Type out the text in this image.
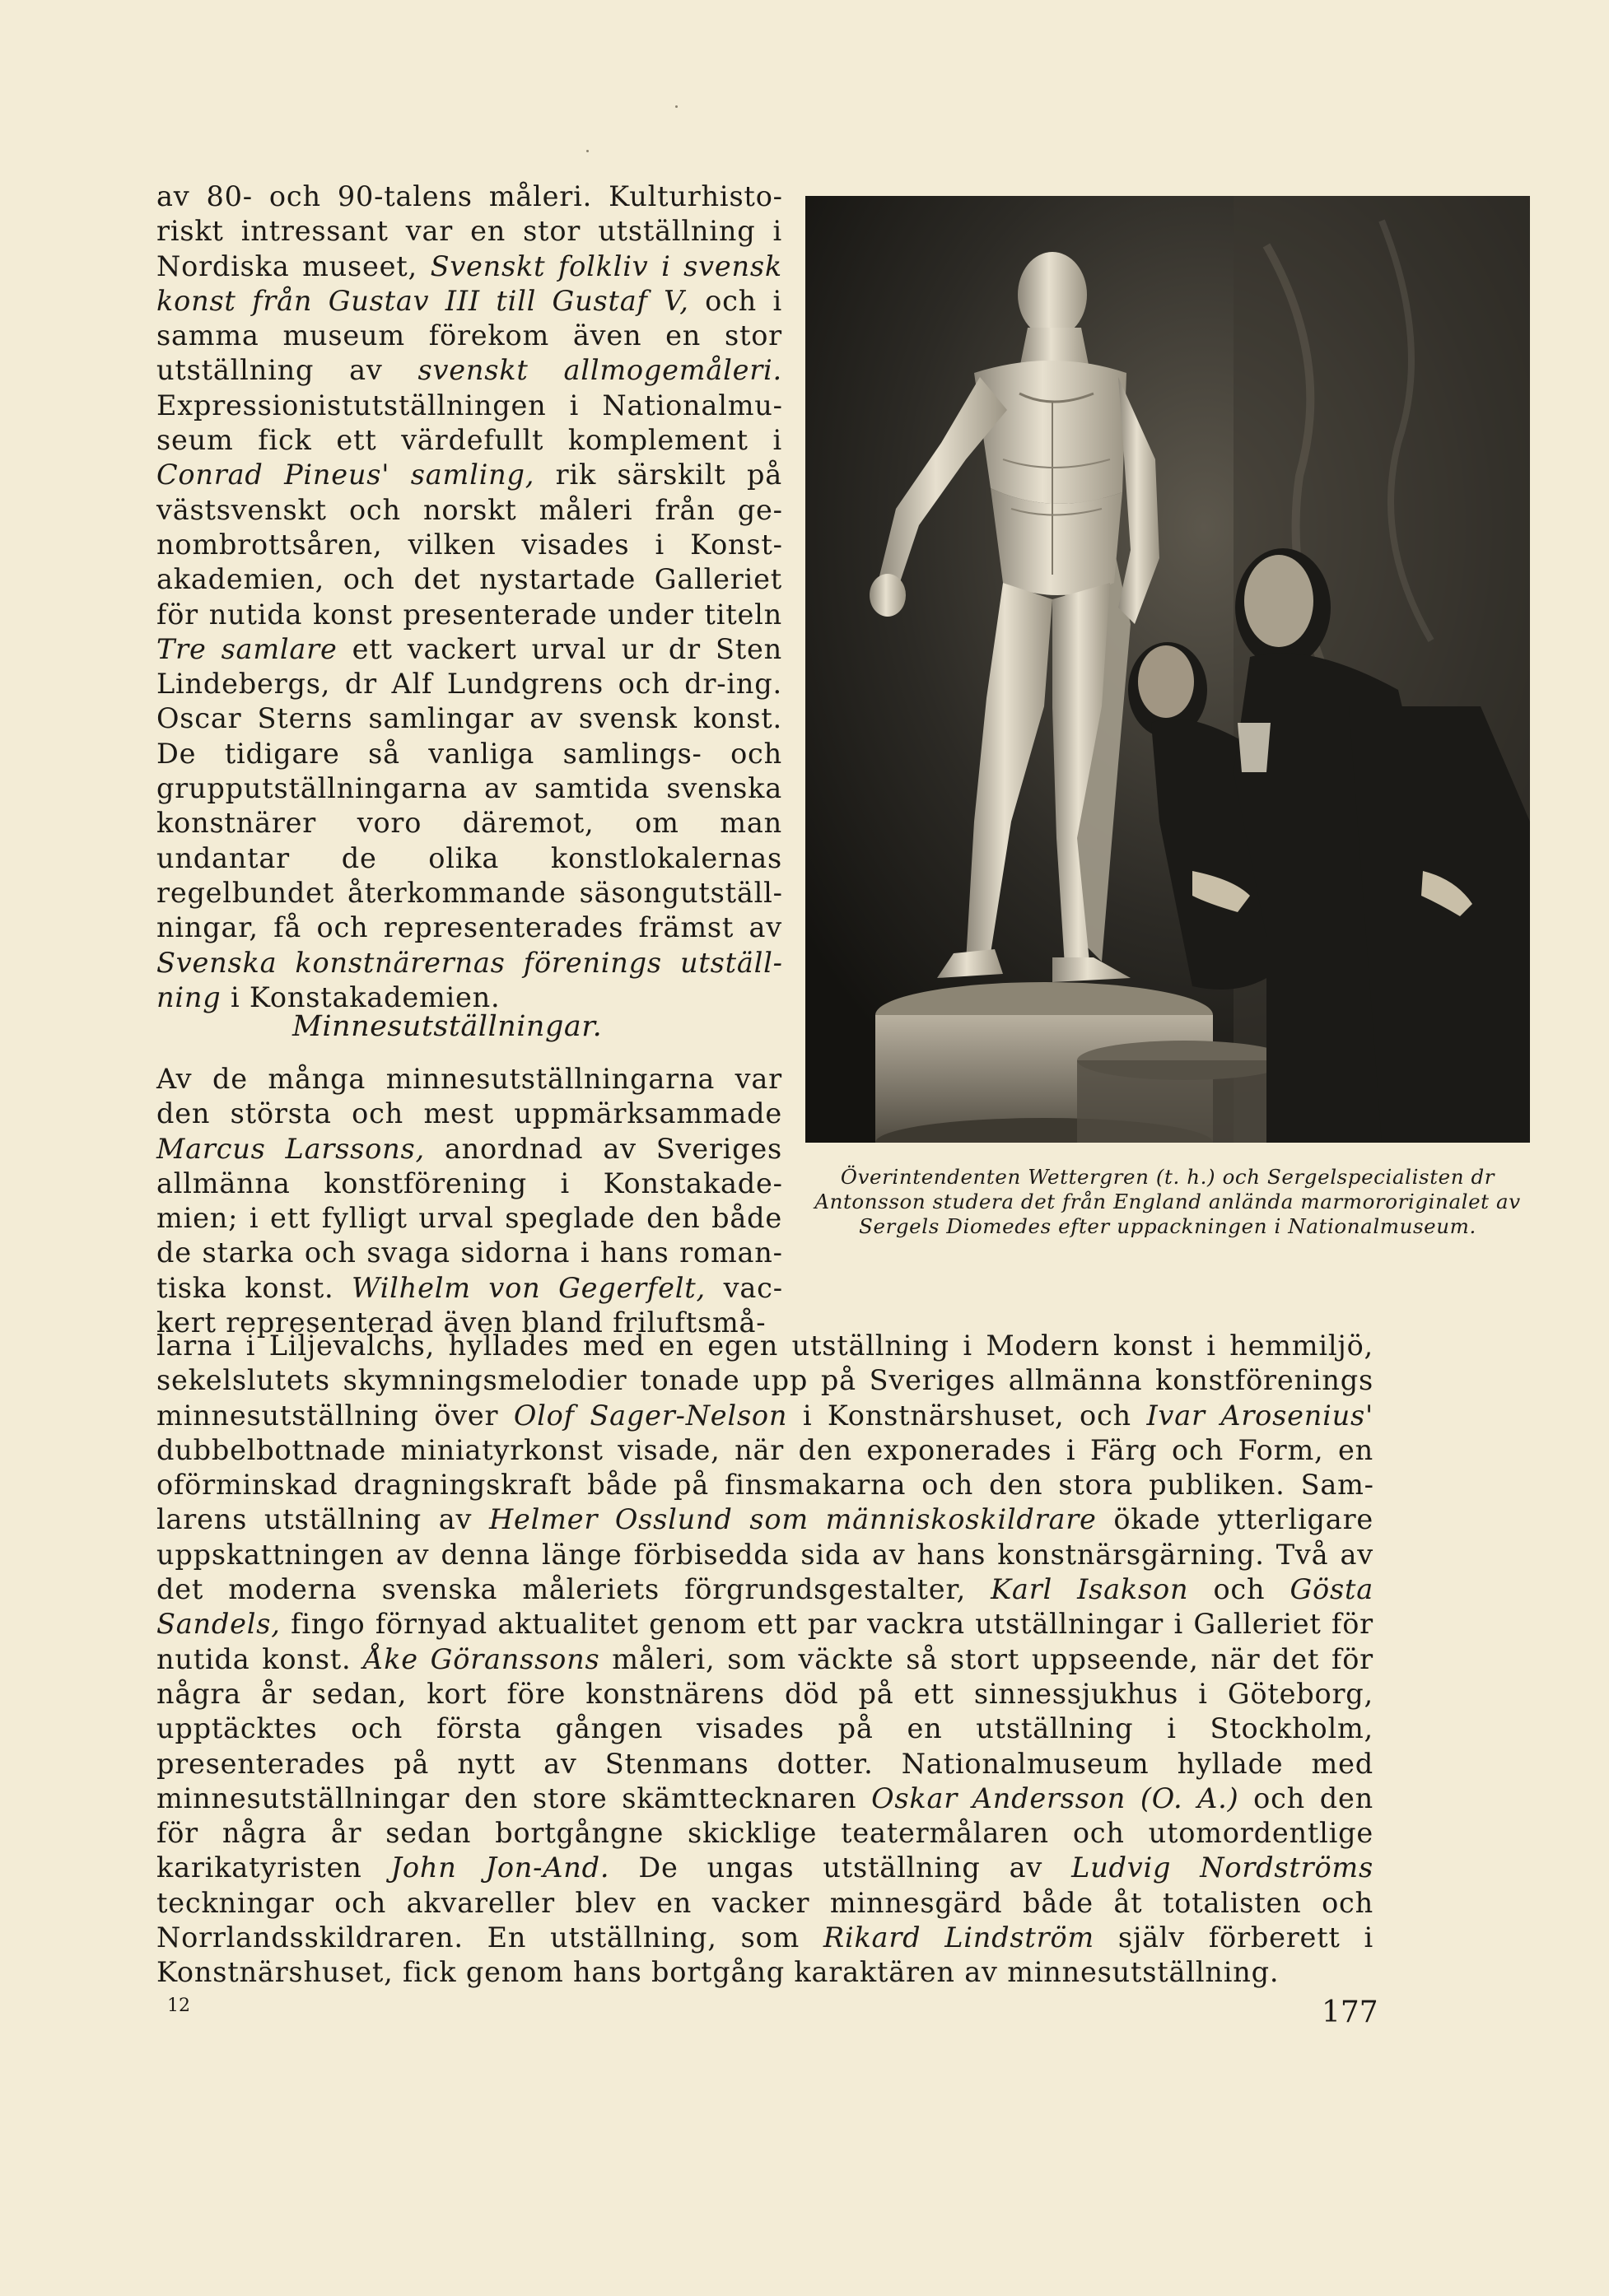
av 80- och 90-talens måleri. Kulturhistoriskt intressant var en stor utställning i Nordiska museet, Svenskt folkliv i svensk konst från Gustav III till Gustaf V, och i samma museum förekom även en stor utställning av svenskt allmogemåleri. Expressionistutställningen i Nationalmuseum fick ett värdefullt komplement i Conrad Pineus' samling, rik särskilt på västsvenskt och norskt måleri från genombrottsåren, vilken visades i Konstakademien, och det nystartade Galleriet för nutida konst presenterade under titeln Tre samlare ett vackert urval ur dr Sten Lindebergs, dr Alf Lundgrens och dr-ing. Oscar Sterns samlingar av svensk konst. De tidigare så vanliga samlings- och grupputställningarna av samtida svenska konstnärer voro däremot, om man undantar de olika konstlokalernas regelbundet återkommande säsongutställningar, få och representerades främst av Svenska konstnärernas förenings utställning i Konstakademien.

Minnesutställningar.

Av de många minnesutställningarna var den största och mest uppmärksammade Marcus Larssons, anordnad av Sveriges allmänna konstförening i Konstakademien; i ett fylligt urval speglade den både de starka och svaga sidorna i hans romantiska konst. Wilhelm von Gegerfelt, vackert representerad även bland friluftsmå-

Överintendenten Wettergren (t. h.) och Sergelspecialisten dr Antonsson studera det från England anlända marmororiginalet av Sergels Diomedes efter uppackningen i Nationalmuseum.

larna i Liljevalchs, hyllades med en egen utställning i Modern konst i hemmiljö, sekelslutets skymningsmelodier tonade upp på Sveriges allmänna konstförenings minnesutställning över Olof Sager-Nelson i Konstnärshuset, och Ivar Arosenius' dubbelbottnade miniatyrkonst visade, när den exponerades i Färg och Form, en oförminskad dragningskraft både på finsmakarna och den stora publiken. Samlarens utställning av Helmer Osslund som människoskildrare ökade ytterligare uppskattningen av denna länge förbisedda sida av hans konstnärsgärning. Två av det moderna svenska måleriets förgrundsgestalter, Karl Isakson och Gösta Sandels, fingo förnyad aktualitet genom ett par vackra utställningar i Galleriet för nutida konst. Åke Göranssons måleri, som väckte så stort uppseende, när det för några år sedan, kort före konstnärens död på ett sinnessjukhus i Göteborg, upptäcktes och första gången visades på en utställning i Stockholm, presenterades på nytt av Stenmans dotter. Nationalmuseum hyllade med minnesutställningar den store skämttecknaren Oskar Andersson (O. A.) och den för några år sedan bortgångne skicklige teatermålaren och utomordentlige karikatyristen John Jon-And. De ungas utställning av Ludvig Nordströms teckningar och akvareller blev en vacker minnesgärd både åt totalisten och Norrlandsskildraren. En utställning, som Rikard Lindström själv förberett i Konstnärshuset, fick genom hans bortgång karaktären av minnesutställning.

12	177
